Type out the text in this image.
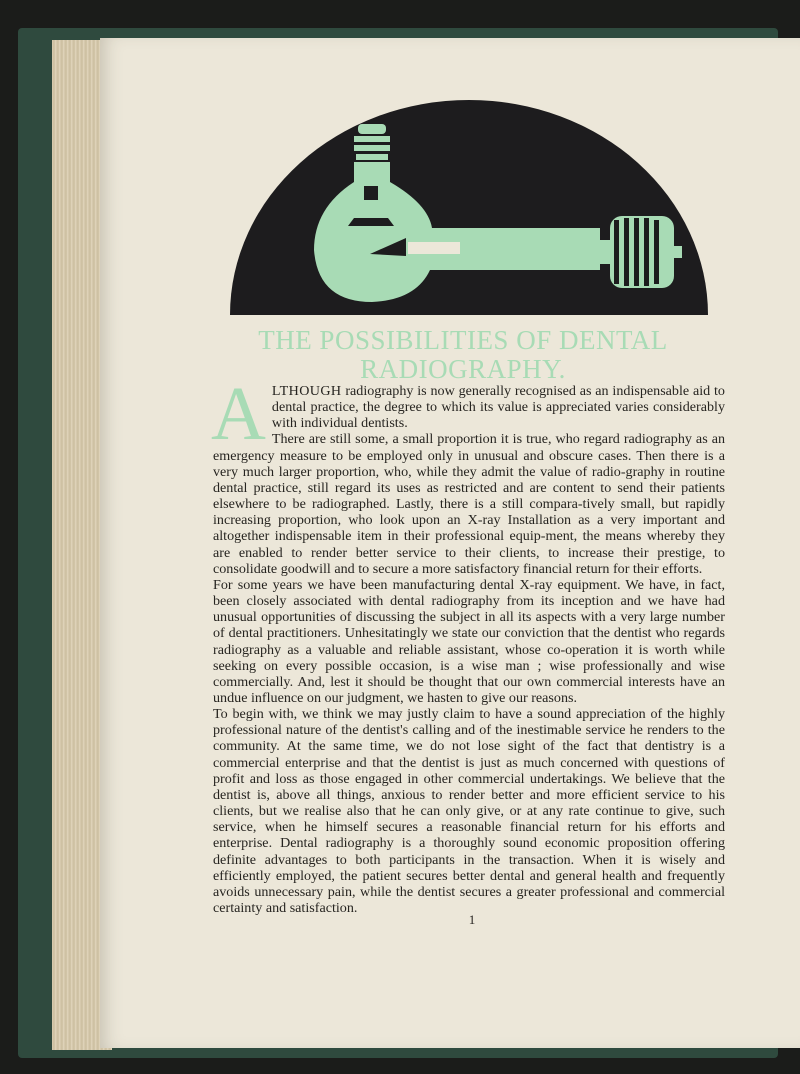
THE POSSIBILITIES OF DENTAL RADIOGRAPHY.

A LTHOUGH radiography is now generally recognised as an indispensable aid to dental practice, the degree to which its value is appreciated varies considerably with individual dentists.

There are still some, a small proportion it is true, who regard radiography as an emergency measure to be employed only in unusual and obscure cases. Then there is a very much larger proportion, who, while they admit the value of radio-graphy in routine dental practice, still regard its uses as restricted and are content to send their patients elsewhere to be radiographed. Lastly, there is a still compara-tively small, but rapidly increasing proportion, who look upon an X-ray Installation as a very important and altogether indispensable item in their professional equip-ment, the means whereby they are enabled to render better service to their clients, to increase their prestige, to consolidate goodwill and to secure a more satisfactory financial return for their efforts.

For some years we have been manufacturing dental X-ray equipment. We have, in fact, been closely associated with dental radiography from its inception and we have had unusual opportunities of discussing the subject in all its aspects with a very large number of dental practitioners. Unhesitatingly we state our conviction that the dentist who regards radiography as a valuable and reliable assistant, whose co-operation it is worth while seeking on every possible occasion, is a wise man ; wise professionally and wise commercially. And, lest it should be thought that our own commercial interests have an undue influence on our judgment, we hasten to give our reasons.

To begin with, we think we may justly claim to have a sound appreciation of the highly professional nature of the dentist's calling and of the inestimable service he renders to the community. At the same time, we do not lose sight of the fact that dentistry is a commercial enterprise and that the dentist is just as much concerned with questions of profit and loss as those engaged in other commercial undertakings. We believe that the dentist is, above all things, anxious to render better and more efficient service to his clients, but we realise also that he can only give, or at any rate continue to give, such service, when he himself secures a reasonable financial return for his efforts and enterprise. Dental radiography is a thoroughly sound economic proposition offering definite advantages to both participants in the transaction. When it is wisely and efficiently employed, the patient secures better dental and general health and frequently avoids unnecessary pain, while the dentist secures a greater professional and commercial certainty and satisfaction.

1
